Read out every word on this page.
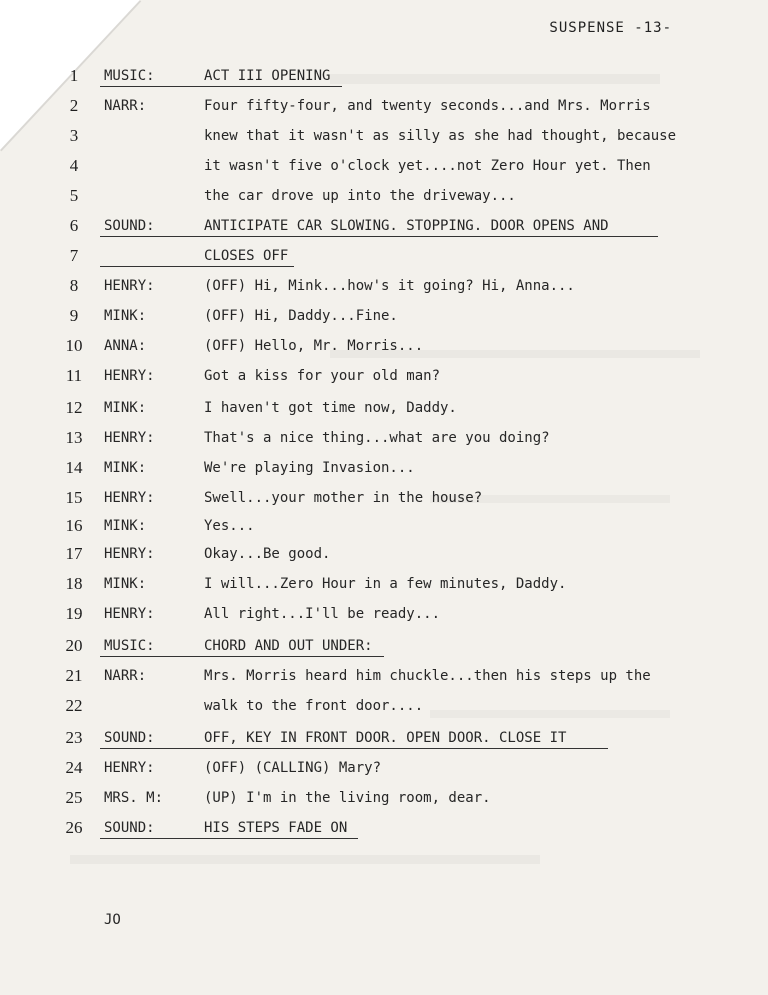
SUSPENSE -13-
1	MUSIC:	ACT III OPENING
2	NARR:	Four fifty-four, and twenty seconds...and Mrs. Morris
3	knew that it wasn't as silly as she had thought, because
4	it wasn't five o'clock yet....not Zero Hour yet. Then
5	the car drove up into the driveway...
6	SOUND:	ANTICIPATE CAR SLOWING. STOPPING. DOOR OPENS AND
7	CLOSES OFF
8	HENRY:	(OFF) Hi, Mink...how's it going? Hi, Anna...
9	MINK:	(OFF) Hi, Daddy...Fine.
10	ANNA:	(OFF) Hello, Mr. Morris...
11	HENRY:	Got a kiss for your old man?
12	MINK:	I haven't got time now, Daddy.
13	HENRY:	That's a nice thing...what are you doing?
14	MINK:	We're playing Invasion...
15	HENRY:	Swell...your mother in the house?
16	MINK:	Yes...
17	HENRY:	Okay...Be good.
18	MINK:	I will...Zero Hour in a few minutes, Daddy.
19	HENRY:	All right...I'll be ready...
20	MUSIC:	CHORD AND OUT UNDER:
21	NARR:	Mrs. Morris heard him chuckle...then his steps up the
22	walk to the front door....
23	SOUND:	OFF, KEY IN FRONT DOOR. OPEN DOOR. CLOSE IT
24	HENRY:	(OFF) (CALLING) Mary?
25	MRS. M:	(UP) I'm in the living room, dear.
26	SOUND:	HIS STEPS FADE ON
JO
